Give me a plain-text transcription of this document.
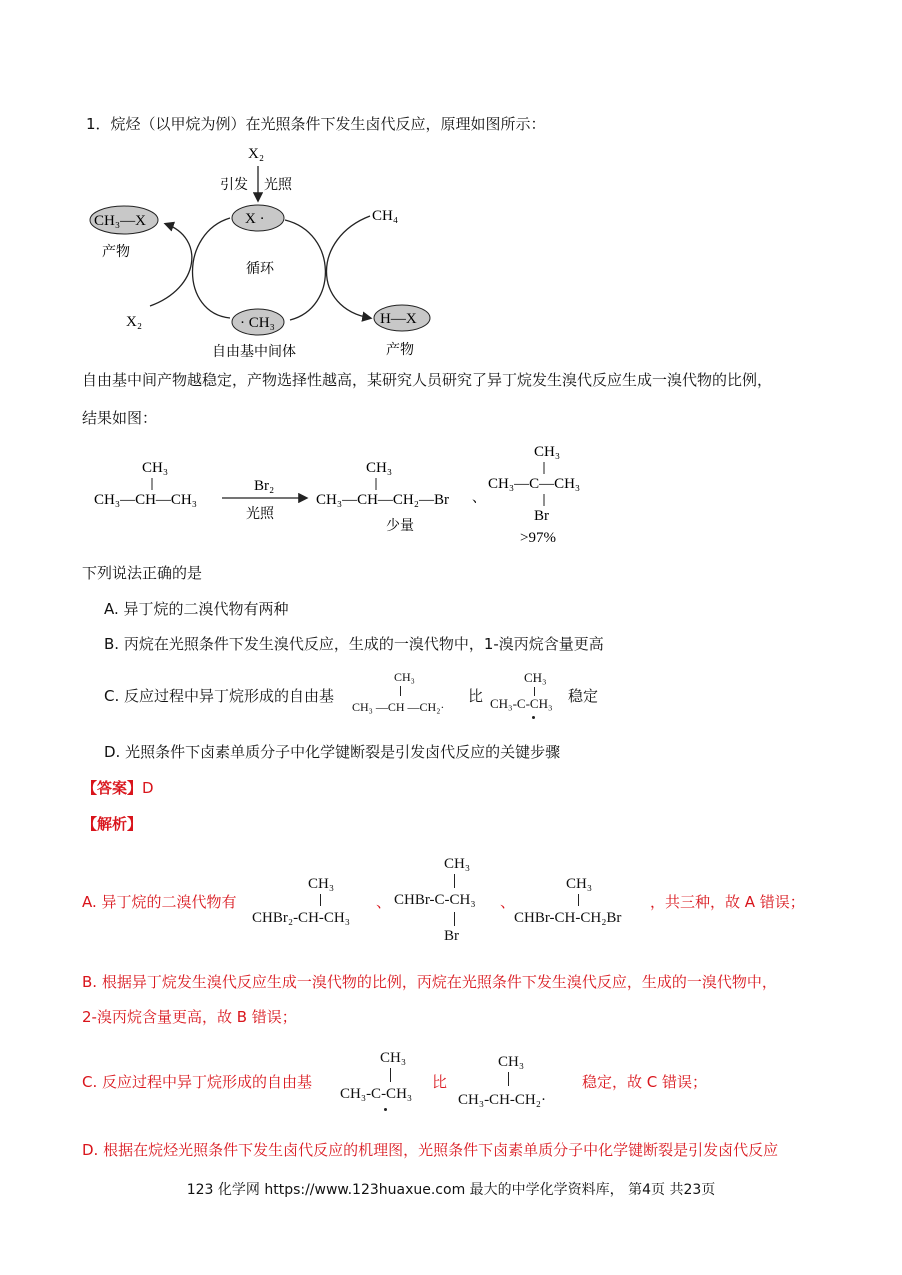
1．烷烃（以甲烷为例）在光照条件下发生卤代反应，原理如图所示：
X₂
引发 光照
X ·
CH₃—X
产物
循环
· CH₃
自由基中间体
X₂
CH₄
H—X
产物
自由基中间产物越稳定，产物选择性越高，某研究人员研究了异丁烷发生溴代反应生成一溴代物的比例，
结果如图：
CH₃
CH₃—CH—CH₃
Br₂
光照
CH₃
CH₃—CH—CH₂—Br 、
少量
CH₃
CH₃—C—CH₃
Br
>97%
下列说法正确的是
A. 异丁烷的二溴代物有两种
B. 丙烷在光照条件下发生溴代反应，生成的一溴代物中，1-溴丙烷含量更高
C. 反应过程中异丁烷形成的自由基
CH₃
CH₃ —CH —CH₂·
比
CH₃
CH₃-C-CH₃ 稳定
D. 光照条件下卤素单质分子中化学键断裂是引发卤代反应的关键步骤
【答案】D
【解析】
A. 异丁烷的二溴代物有
CH₃
CHBr₂-CH-CH₃
、
CH₃
CHBr-C-CH₃
Br
、
CH₃
CHBr-CH-CH₂Br
，共三种，故 A 错误；
B. 根据异丁烷发生溴代反应生成一溴代物的比例，丙烷在光照条件下发生溴代反应，生成的一溴代物中，
2-溴丙烷含量更高，故 B 错误；
C. 反应过程中异丁烷形成的自由基
CH₃
CH₃-C-CH₃
比
CH₃
CH₃-CH-CH₂·
稳定，故 C 错误；
D. 根据在烷烃光照条件下发生卤代反应的机理图，光照条件下卤素单质分子中化学键断裂是引发卤代反应
123 化学网 https://www.123huaxue.com 最大的中学化学资料库， 第4页 共23页
